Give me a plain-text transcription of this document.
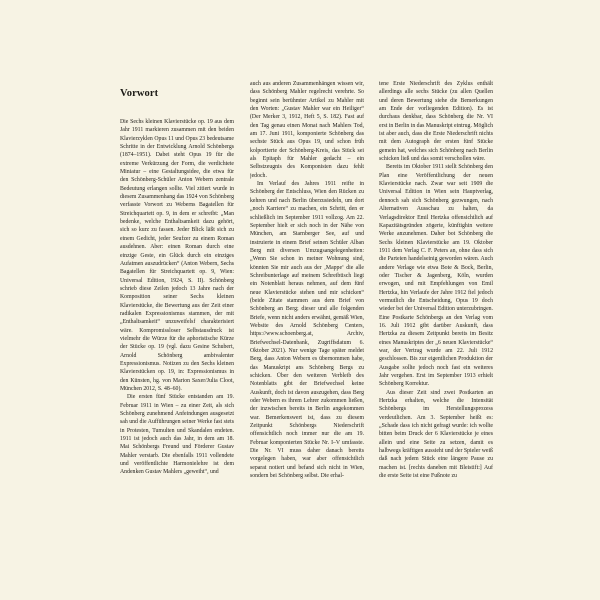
Vorwort

Die Sechs kleinen Klavierstücke op. 19 aus dem Jahr 1911 markieren zusammen mit den beiden Klavierzyklen Opus 11 und Opus 23 bedeutsame Schritte in der Entwicklung Arnold Schönbergs (1874–1951). Dabei steht Opus 19 für die extreme Verkürzung der Form, die verdichtete Miniatur – eine Gestaltungsidee, die etwa für den Schönberg-Schüler Anton Webern zentrale Bedeutung erlangen sollte. Viel zitiert wurde in diesem Zusammenhang das 1924 von Schönberg verfasste Vorwort zu Weberns Bagatellen für Streichquartett op. 9, in dem er schreibt: „Man bedenke, welche Enthaltsamkeit dazu gehört, sich so kurz zu fassen. Jeder Blick läßt sich zu einem Gedicht, jeder Seufzer zu einem Roman ausdehnen. Aber: einen Roman durch eine einzige Geste, ein Glück durch ein einziges Aufatmen auszudrücken“ (Anton Webern, Sechs Bagatellen für Streichquartett op. 9, Wien: Universal Edition, 1924, S. II). Schönberg schrieb diese Zeilen jedoch 13 Jahre nach der Komposition seiner Sechs kleinen Klavierstücke, die Bewertung aus der Zeit einer radikalen Expressionismus stammen, der mit „Enthaltsamkeit“ unzuweifelsf charakterisiert wäre. Kompromissloser Selbstausdruck ist vielmehr die Würze für die aphoristische Kürze der Stücke op. 19 (vgl. dazu Gesine Schubert, Arnold Schönberg ambivalenter Expressionismus. Notizen zu den Sechs kleinen Klavierstücken op. 19, in: Expressionismus in den Künsten, hg. von Marion Saxer/Julia Cloot, München 2012, S. 48–60).

Die ersten fünf Stücke entstanden am 19. Februar 1911 in Wien – zu einer Zeit, als sich Schönberg zunehmend Anfeindungen ausgesetzt sah und die Aufführungen seiner Werke fast stets in Protesten, Tumulten und Skandalen endeten. 1911 ist jedoch auch das Jahr, in dem am 18. Mai Schönbergs Freund und Förderer Gustav Mahler verstarb. Die ebenfalls 1911 vollendete und veröffentlichte Harmonielehre ist dem Andenken Gustav Mahlers „geweiht“, und

auch aus anderen Zusammenhängen wissen wir, dass Schönberg Mahler regelrecht verehrte. So beginnt sein berühmter Artikel zu Mahler mit den Worten: „Gustav Mahler war ein Heiliger“ (Der Merker 3, 1912, Heft 5, S. 182). Fast auf den Tag genau einen Monat nach Mahlers Tod, am 17. Juni 1911, komponierte Schönberg das sechste Stück aus Opus 19, und schon früh kolportierte der Schönberg-Kreis, das Stück sei als Epitaph für Mahler gedacht – ein Selbstzeugnis des Komponisten dazu fehlt jedoch.

Im Verlauf des Jahres 1911 reifte in Schönberg der Entschluss, Wien den Rücken zu kehren und nach Berlin überzusiedeln, um dort „noch Karriere“ zu machen, ein Schritt, den er schließlich im September 1911 vollzog. Am 22. September hielt er sich noch in der Nähe von München, am Starnberger See, auf und instruierte in einem Brief seinen Schüler Alban Berg mit diversen Umzugsangelegenheiten: „Wenn Sie schon in meiner Wohnung sind, könnten Sie mir auch aus der ‚Mappe‘ die alle Schreibunterlage auf meinem Schreibtisch liegt ein Notenblatt heraus nehmen, auf dem fünf neue Klavierstücke stehen und mir schicken“ (beide Zitate stammen aus dem Brief von Schönberg an Berg; dieser und alle folgenden Briefe, wenn nicht anders erwähnt, gemäß Wien, Website des Arnold Schönberg Centers, https://www.schoenberg.at, Archiv, Briefwechsel-Datenbank, Zugriffsdatum 6. Oktober 2021). Nur wenige Tage später meldet Berg, dass Anton Webern es übernommen habe, das Manuskript ans Schönberg Bergs zu schicken. Über den weiteren Verbleib des Notenblatts gibt der Briefwechsel keine Auskunft, doch ist davon auszugehen, dass Berg oder Webern es ihrem Lehrer zukommen ließen, der inzwischen bereits in Berlin angekommen war. Bemerkenswert ist, dass zu diesem Zeitpunkt Schönbergs Niederschrift offensichtlich noch immer nur die am 19. Februar komponierten Stücke Nr. I–V umfasste. Die Nr. VI muss daher danach bereits vorgelegen haben, war aber offensichtlich separat notiert und befand sich nicht in Wien, sondern bei Schönberg selbst. Die erhal-

tene Erste Niederschrift des Zyklus enthält allerdings alle sechs Stücke (zu allen Quellen und deren Bewertung siehe die Bemerkungen am Ende der vorliegenden Edition). Es ist durchaus denkbar, dass Schönberg die Nr. VI erst in Berlin in das Manuskript eintrug. Möglich ist aber auch, dass die Erste Niederschrift nichts mit dem Autograph der ersten fünf Stücke gemein hat, welches sich Schönberg nach Berlin schicken ließ und das somit verschollen wäre.

Bereits im Oktober 1911 stellt Schönberg den Plan eine Veröffentlichung der neuen Klavierstücke nach. Zwar war seit 1909 die Universal Edition in Wien sein Hauptverlag, dennoch sah sich Schönberg gezwungen, nach Alternativen Ausschau zu halten, da Verlagsdirektor Emil Hertzka offensichtlich auf Kapazitätsgründen zögerte, künftighin weitere Werke anzunehmen. Daher bot Schönberg die Sechs kleinen Klavierstücke am 19. Oktober 1911 dem Verlag C. F. Peters an, ohne dass sich die Parteien handelseinig geworden wären. Auch andere Verlage wie etwa Bote & Bock, Berlin, oder Tischer & Jagenberg, Köln, wurden erwogen, und mit Empfehlungen von Emil Hertzka, hin Verlaufe der Jahre 1912 fiel jedoch vermutlich die Entscheidung, Opus 19 doch wieder bei der Universal Edition unterzubringen. Eine Postkarte Schönbergs an den Verlag vom 16. Juli 1912 gibt darüber Auskunft, dass Hertzka zu diesem Zeitpunkt bereits im Besitz eines Manuskriptes der „6 neuen Klavierstücke“ war, der Vertrag wurde am 22. Juli 1912 geschlossen. Bis zur eigentlichen Produktion der Ausgabe sollte jedoch noch fast ein weiteres Jahr vergehen. Erst im September 1913 erhielt Schönberg Korrektur.

Aus dieser Zeit sind zwei Postkarten an Hertzka erhalten, welche die Intensität Schönbergs im Herstellungsprozess verdeutlichen. Am 3. September heißt es: „Schade dass ich nicht gefragt wurde: ich wollte bitten beim Druck der 6 Klavierstücke je eines allein und eine Seite zu setzen, damit es halbwegs kräftigen aussieht und der Spieler weiß daß nach jedem Stück eine längere Pause zu machen ist. [rechts daneben mit Bleistift:] Auf die erste Seite ist eine Fußnote zu
